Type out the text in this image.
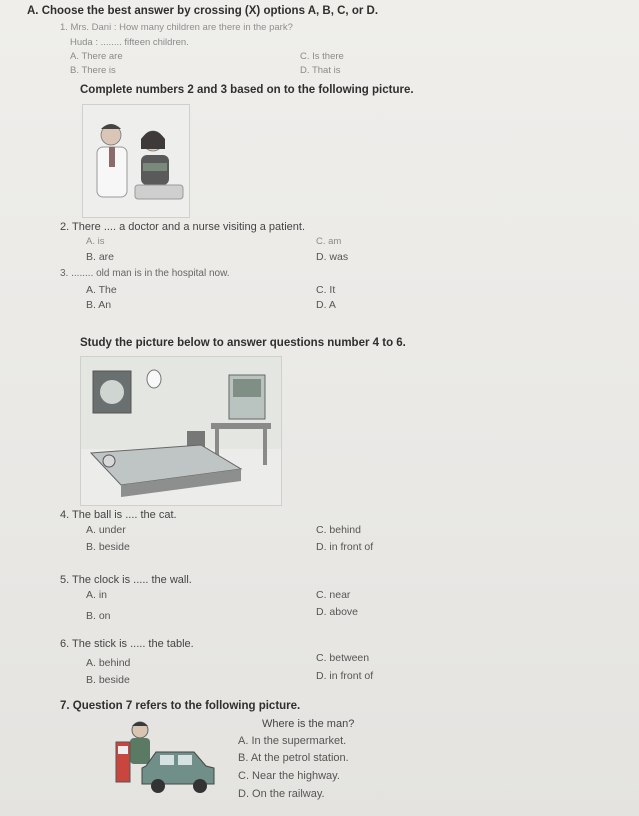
A. Choose the best answer by crossing (X) options A, B, C, or D.
1. Mrs. Dani : How many children are there in the park?
Huda : ........ fifteen children.
A. There are	C. Is there
B. There is	D. That is
Complete numbers 2 and 3 based on to the following picture.
2. There .... a doctor and a nurse visiting a patient.
A. is	C. am
B. are	D. was
3. ........ old man is in the hospital now.
A. The	C. It
B. An	D. A
Study the picture below to answer questions number 4 to 6.
4. The ball is .... the cat.
A. under	C. behind
B. beside	D. in front of
5. The clock is ..... the wall.
A. in	C. near
B. on	D. above
6. The stick is ..... the table.
A. behind	C. between
B. beside	D. in front of
7. Question 7 refers to the following picture.
Where is the man?
A. In the supermarket.
B. At the petrol station.
C. Near the highway.
D. On the railway.
